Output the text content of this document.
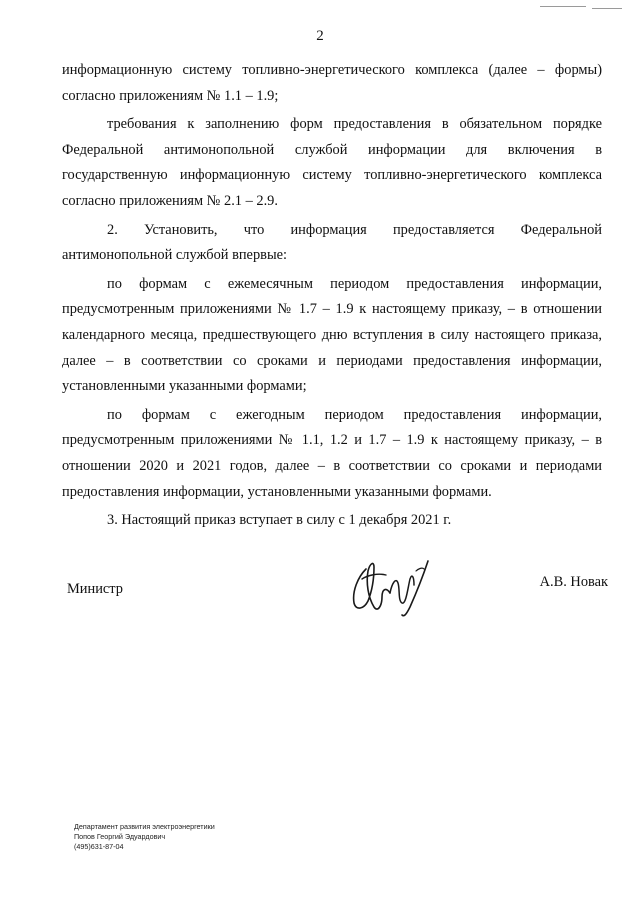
2

информационную систему топливно-энергетического комплекса (далее – формы) согласно приложениям № 1.1 – 1.9;

требования к заполнению форм предоставления в обязательном порядке Федеральной антимонопольной службой информации для включения в государственную информационную систему топливно-энергетического комплекса согласно приложениям № 2.1 – 2.9.

2. Установить, что информация предоставляется Федеральной антимонопольной службой впервые:

по формам с ежемесячным периодом предоставления информации, предусмотренным приложениями № 1.7 – 1.9 к настоящему приказу, – в отношении календарного месяца, предшествующего дню вступления в силу настоящего приказа, далее – в соответствии со сроками и периодами предоставления информации, установленными указанными формами;

по формам с ежегодным периодом предоставления информации, предусмотренным приложениями № 1.1, 1.2 и 1.7 – 1.9 к настоящему приказу, – в отношении 2020 и 2021 годов, далее – в соответствии со сроками и периодами предоставления информации, установленными указанными формами.

3. Настоящий приказ вступает в силу с 1 декабря 2021 г.

Министр	А.В. Новак
Департамент развития электроэнергетики
Попов Георгий Эдуардович
(495)631-87-04
